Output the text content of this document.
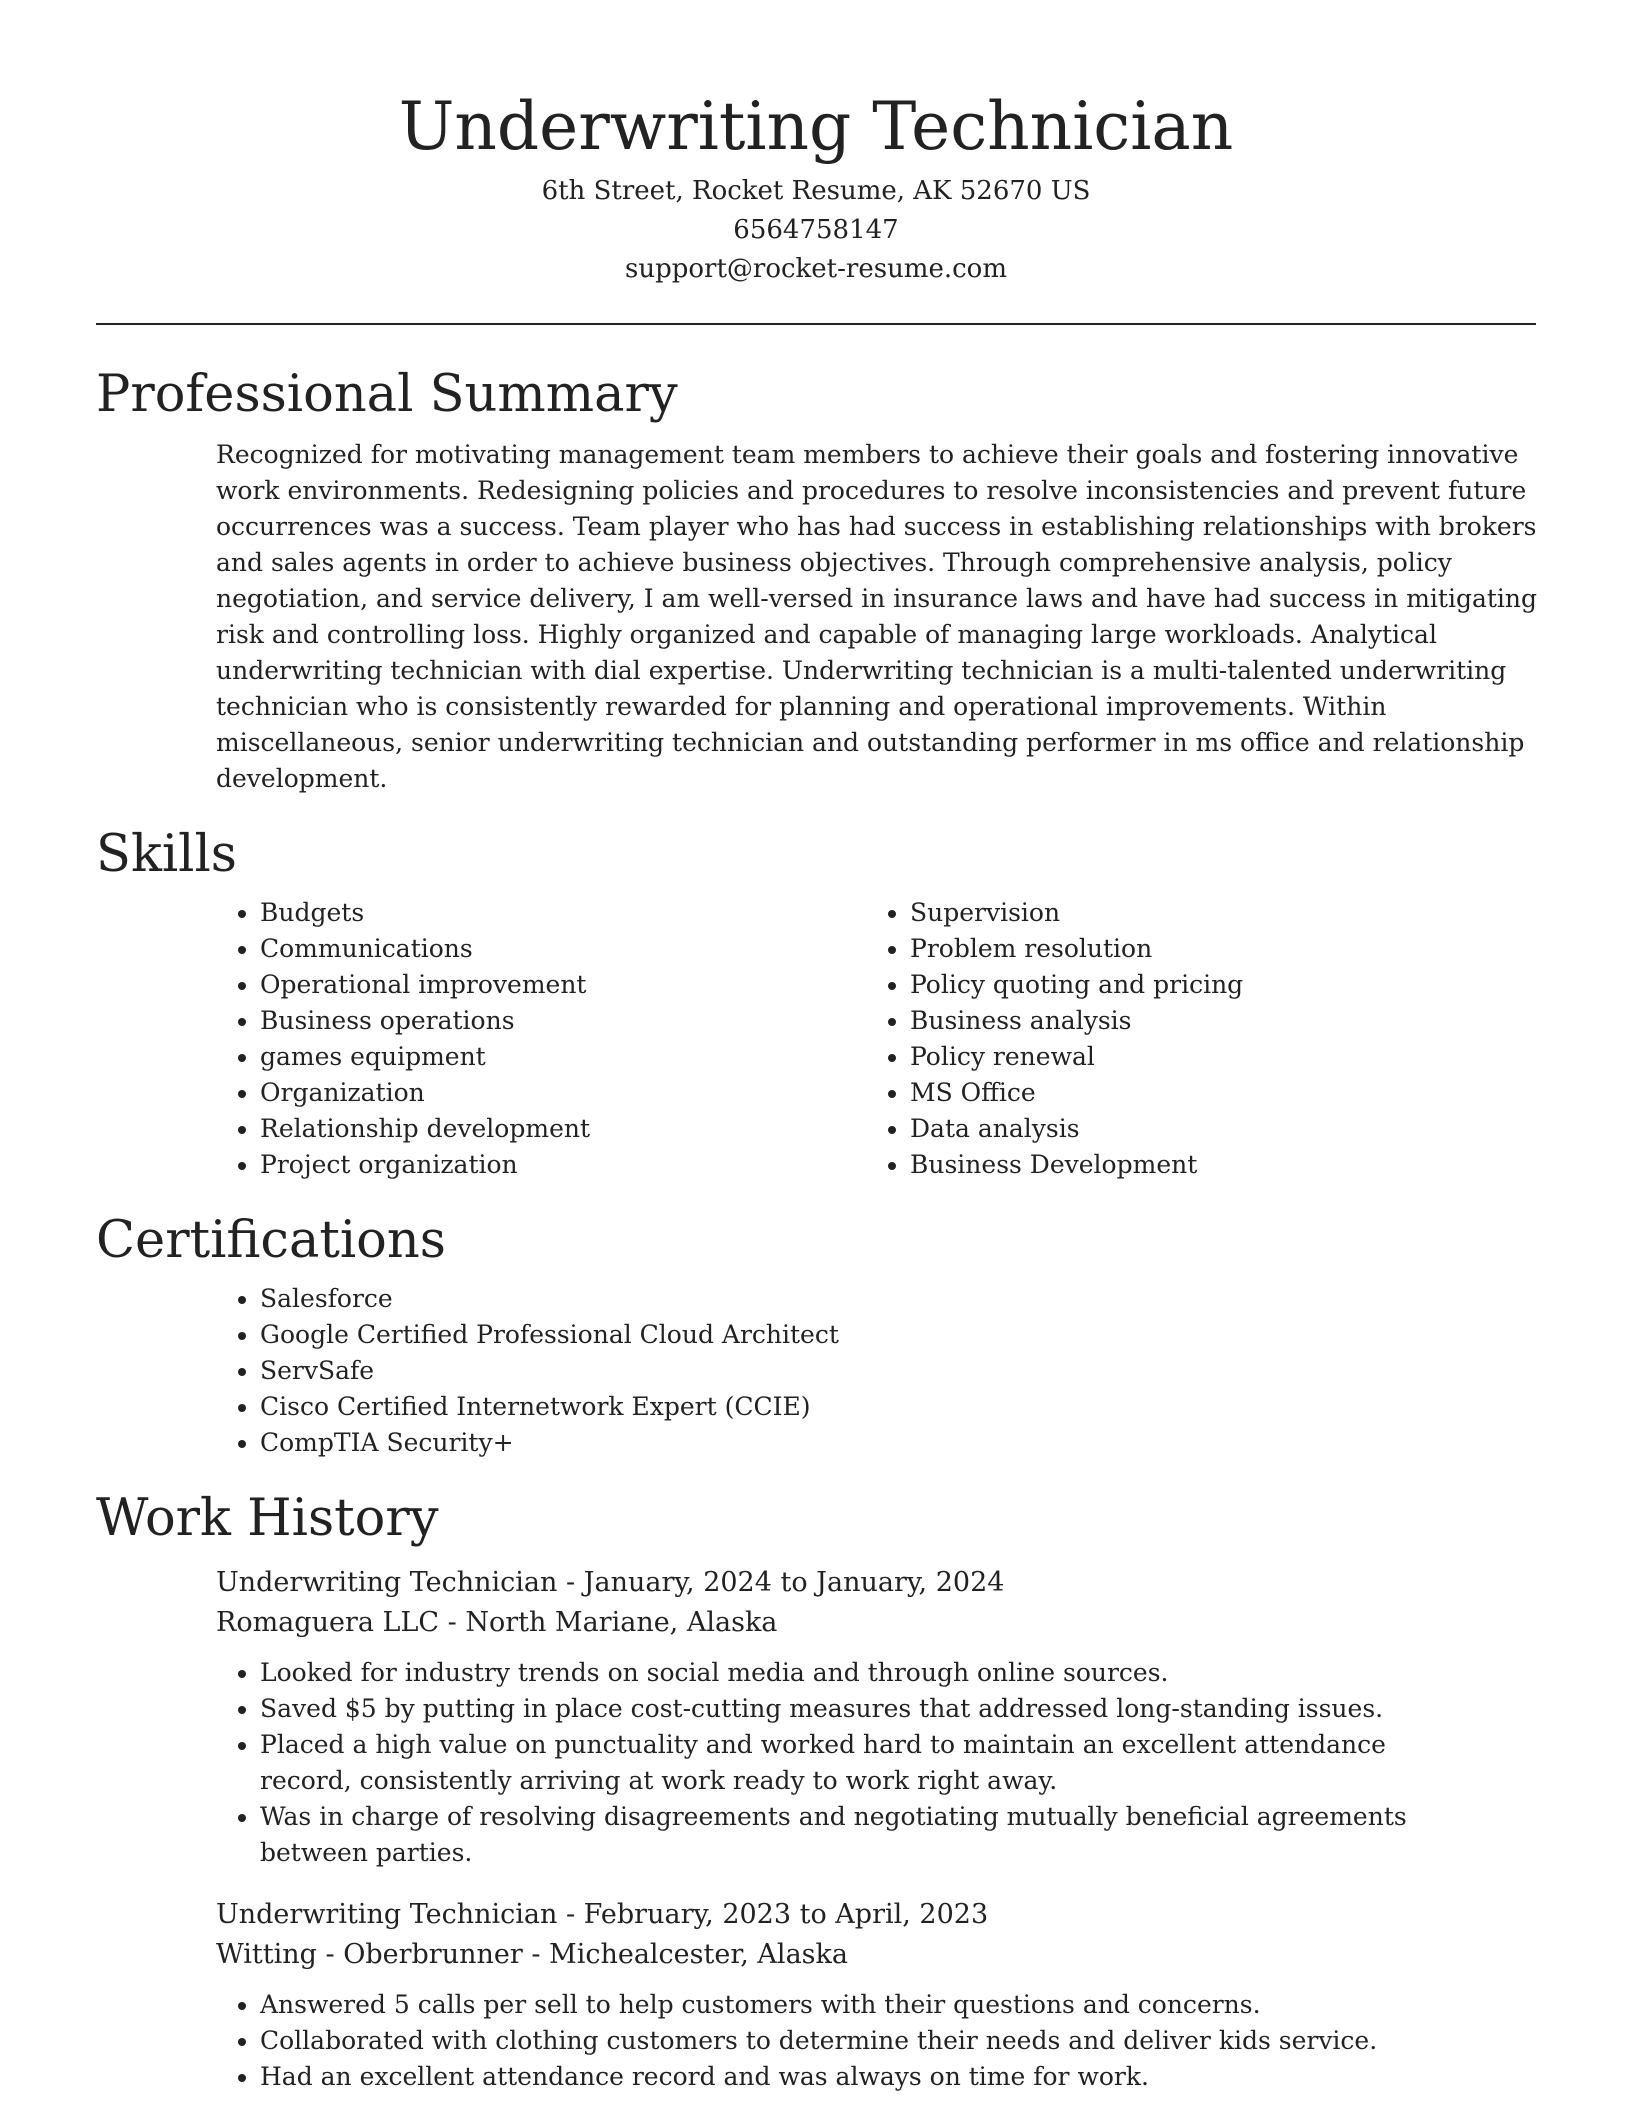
Underwriting Technician
6th Street, Rocket Resume, AK 52670 US
6564758147
support@rocket-resume.com
Professional Summary

Recognized for motivating management team members to achieve their goals and fostering innovative work environments. Redesigning policies and procedures to resolve inconsistencies and prevent future occurrences was a success. Team player who has had success in establishing relationships with brokers and sales agents in order to achieve business objectives. Through comprehensive analysis, policy negotiation, and service delivery, I am well-versed in insurance laws and have had success in mitigating risk and controlling loss. Highly organized and capable of managing large workloads. Analytical underwriting technician with dial expertise. Underwriting technician is a multi-talented underwriting technician who is consistently rewarded for planning and operational improvements. Within miscellaneous, senior underwriting technician and outstanding performer in ms office and relationship development.

Skills
• Budgets
• Communications
• Operational improvement
• Business operations
• games equipment
• Organization
• Relationship development
• Project organization
• Supervision
• Problem resolution
• Policy quoting and pricing
• Business analysis
• Policy renewal
• MS Office
• Data analysis
• Business Development
Certifications
• Salesforce
• Google Certified Professional Cloud Architect
• ServSafe
• Cisco Certified Internetwork Expert (CCIE)
• CompTIA Security+
Work History
Underwriting Technician - January, 2024 to January, 2024
Romaguera LLC - North Mariane, Alaska
• Looked for industry trends on social media and through online sources.
• Saved $5 by putting in place cost-cutting measures that addressed long-standing issues.
• Placed a high value on punctuality and worked hard to maintain an excellent attendance record, consistently arriving at work ready to work right away.
• Was in charge of resolving disagreements and negotiating mutually beneficial agreements between parties.
Underwriting Technician - February, 2023 to April, 2023
Witting - Oberbrunner - Michealcester, Alaska
• Answered 5 calls per sell to help customers with their questions and concerns.
• Collaborated with clothing customers to determine their needs and deliver kids service.
• Had an excellent attendance record and was always on time for work.
